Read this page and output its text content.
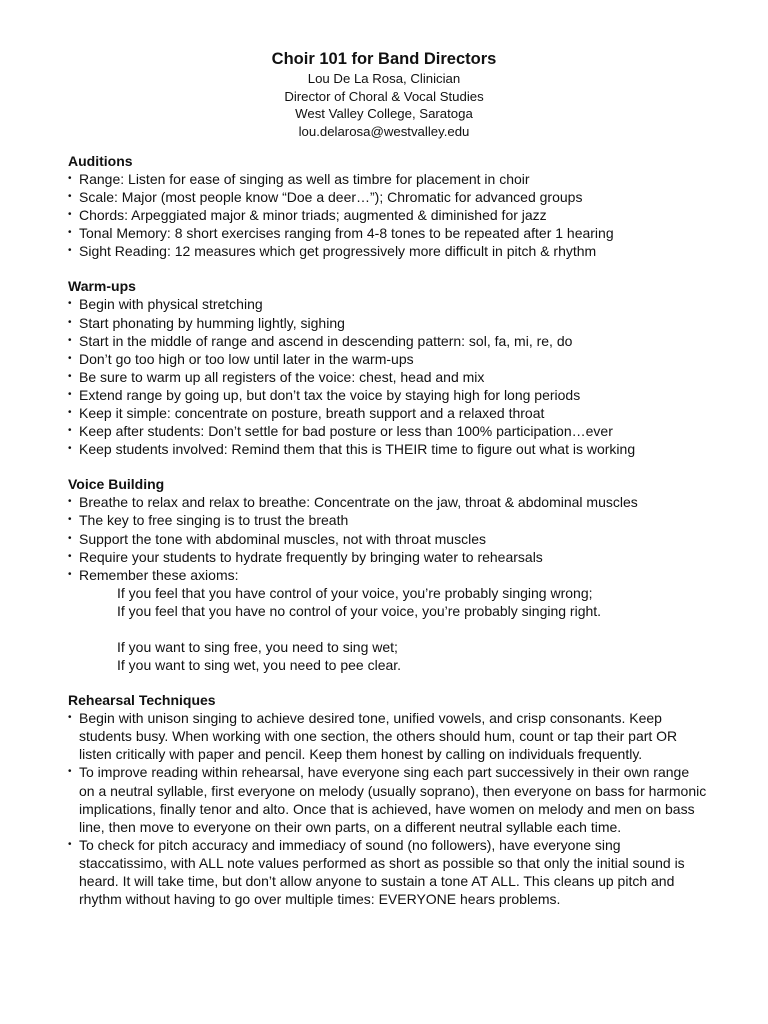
Choir 101 for Band Directors
Lou De La Rosa, Clinician
Director of Choral & Vocal Studies
West Valley College, Saratoga
lou.delarosa@westvalley.edu
Auditions
• Range: Listen for ease of singing as well as timbre for placement in choir
• Scale: Major (most people know “Doe a deer…”); Chromatic for advanced groups
• Chords: Arpeggiated major & minor triads; augmented & diminished for jazz
• Tonal Memory: 8 short exercises ranging from 4-8 tones to be repeated after 1 hearing
• Sight Reading: 12 measures which get progressively more difficult in pitch & rhythm
Warm-ups
• Begin with physical stretching
• Start phonating by humming lightly, sighing
• Start in the middle of range and ascend in descending pattern: sol, fa, mi, re, do
• Don’t go too high or too low until later in the warm-ups
• Be sure to warm up all registers of the voice: chest, head and mix
• Extend range by going up, but don’t tax the voice by staying high for long periods
• Keep it simple: concentrate on posture, breath support and a relaxed throat
• Keep after students: Don’t settle for bad posture or less than 100% participation…ever
• Keep students involved: Remind them that this is THEIR time to figure out what is working
Voice Building
• Breathe to relax and relax to breathe: Concentrate on the jaw, throat & abdominal muscles
• The key to free singing is to trust the breath
• Support the tone with abdominal muscles, not with throat muscles
• Require your students to hydrate frequently by bringing water to rehearsals
• Remember these axioms:
If you feel that you have control of your voice, you’re probably singing wrong;
If you feel that you have no control of your voice, you’re probably singing right.
If you want to sing free, you need to sing wet;
If you want to sing wet, you need to pee clear.
Rehearsal Techniques
• Begin with unison singing to achieve desired tone, unified vowels, and crisp consonants. Keep students busy. When working with one section, the others should hum, count or tap their part OR listen critically with paper and pencil. Keep them honest by calling on individuals frequently.
• To improve reading within rehearsal, have everyone sing each part successively in their own range on a neutral syllable, first everyone on melody (usually soprano), then everyone on bass for harmonic implications, finally tenor and alto. Once that is achieved, have women on melody and men on bass line, then move to everyone on their own parts, on a different neutral syllable each time.
• To check for pitch accuracy and immediacy of sound (no followers), have everyone sing staccatissimo, with ALL note values performed as short as possible so that only the initial sound is heard. It will take time, but don’t allow anyone to sustain a tone AT ALL. This cleans up pitch and rhythm without having to go over multiple times: EVERYONE hears problems.
